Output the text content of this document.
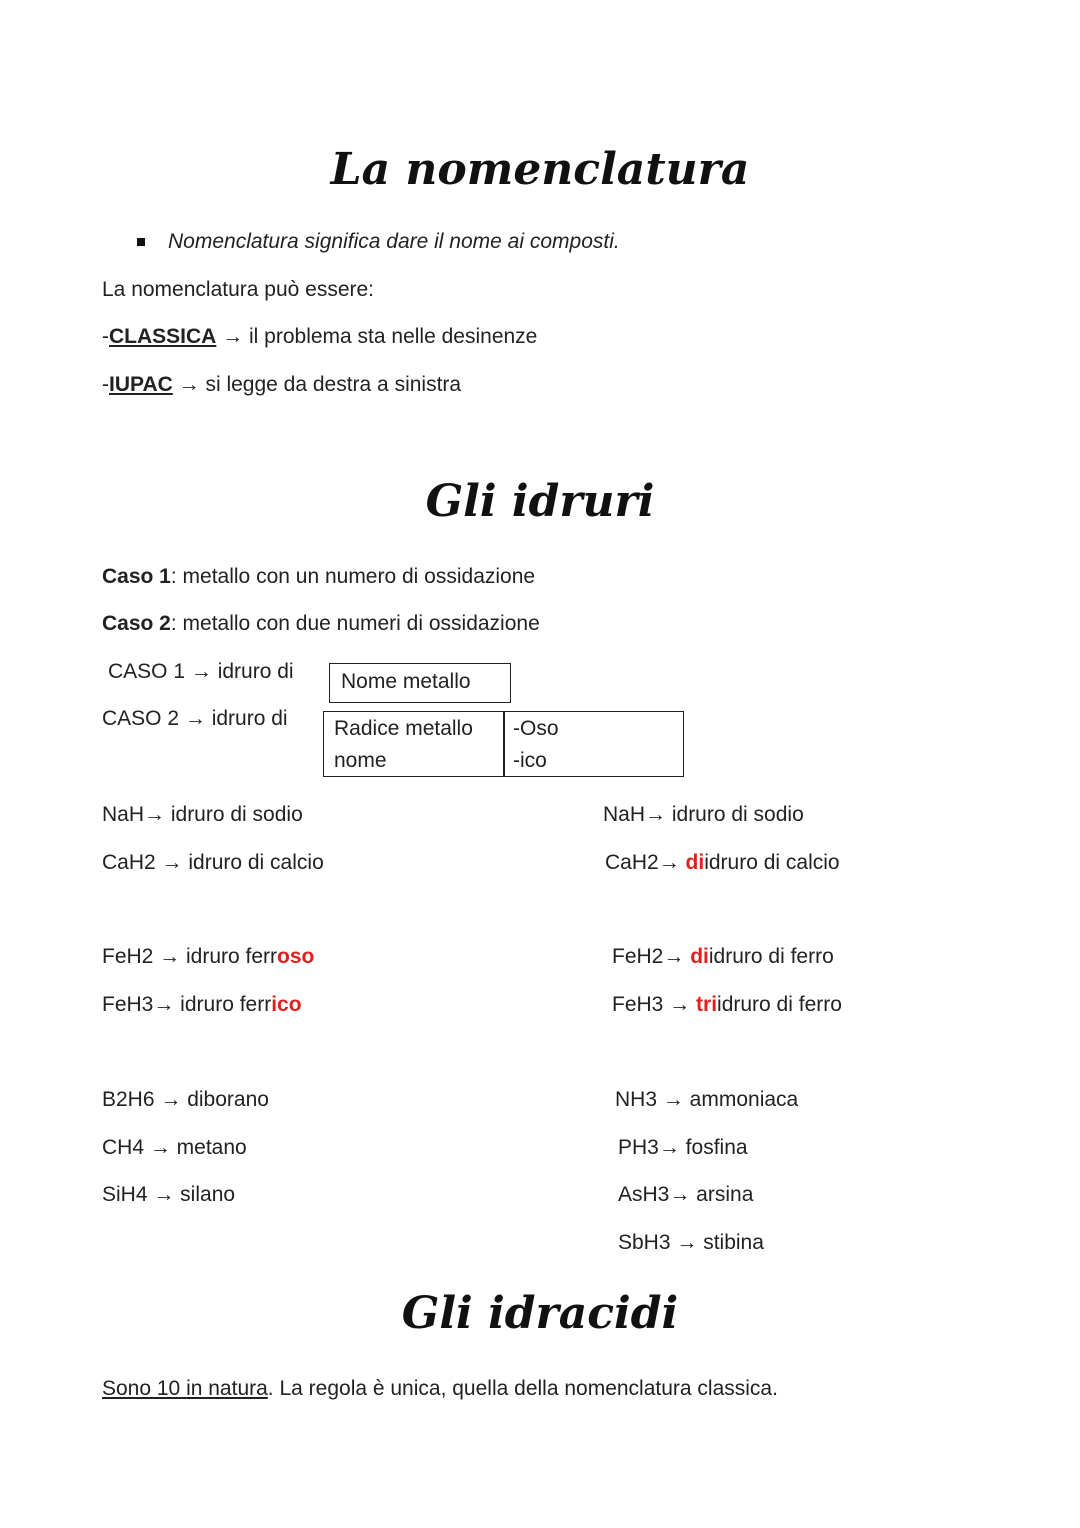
La nomenclatura
Nomenclatura significa dare il nome ai composti.
La nomenclatura può essere:
-CLASSICA → il problema sta nelle desinenze
-IUPAC → si legge da destra a sinistra
Gli idruri
Caso 1: metallo con un numero di ossidazione
Caso 2: metallo con due numeri di ossidazione
CASO 1 → idruro di Nome metallo
CASO 2 → idruro di Radice metallo
nome
-Oso
-ico
NaH→ idruro di sodio
CaH2 → idruro di calcio
NaH→ idruro di sodio
CaH2→ diidruro di calcio
FeH2 → idruro ferroso
FeH3→ idruro ferrico
FeH2→ diidruro di ferro
FeH3 → triidruro di ferro
B2H6 → diborano
CH4 → metano
SiH4 → silano
NH3 → ammoniaca
PH3→ fosfina
AsH3→ arsina
SbH3 → stibina
Gli idracidi
Sono 10 in natura. La regola è unica, quella della nomenclatura classica.
